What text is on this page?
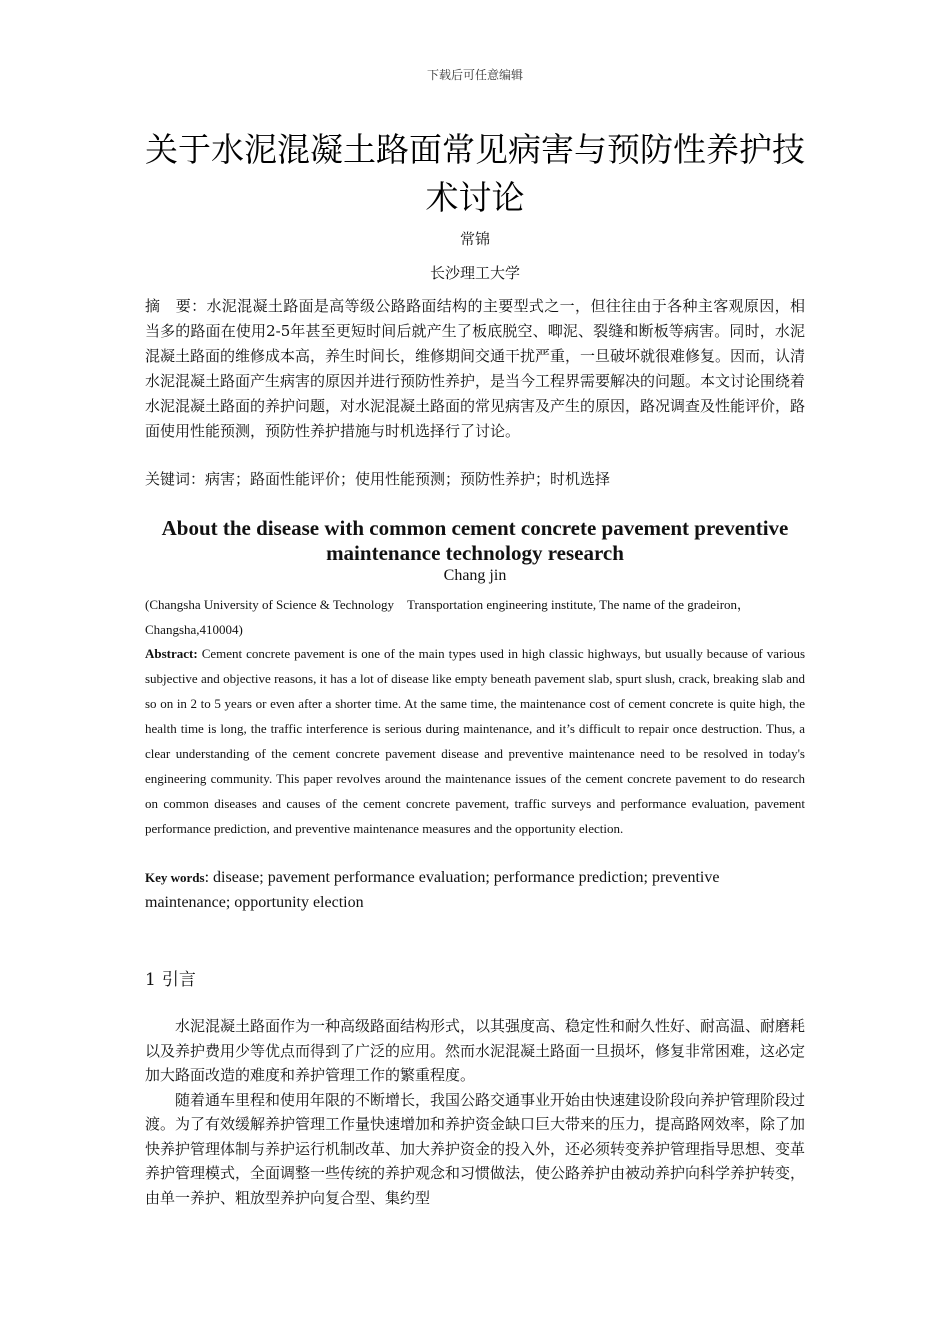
下载后可任意编辑
关于水泥混凝土路面常见病害与预防性养护技术讨论
常锦
长沙理工大学
摘　要：水泥混凝土路面是高等级公路路面结构的主要型式之一，但往往由于各种主客观原因，相当多的路面在使用2-5年甚至更短时间后就产生了板底脱空、唧泥、裂缝和断板等病害。同时，水泥混凝土路面的维修成本高，养生时间长，维修期间交通干扰严重，一旦破坏就很难修复。因而，认清水泥混凝土路面产生病害的原因并进行预防性养护，是当今工程界需要解决的问题。本文讨论围绕着水泥混凝土路面的养护问题，对水泥混凝土路面的常见病害及产生的原因，路况调查及性能评价，路面使用性能预测，预防性养护措施与时机选择行了讨论。
关键词：病害；路面性能评价；使用性能预测；预防性养护；时机选择
About the disease with common cement concrete pavement preventive maintenance technology research
Chang jin
(Changsha University of Science & Technology　Transportation engineering institute, The name of the gradeiron， Changsha,410004)
Abstract: Cement concrete pavement is one of the main types used in high classic highways, but usually because of various subjective and objective reasons, it has a lot of disease like empty beneath pavement slab, spurt slush, crack, breaking slab and so on in 2 to 5 years or even after a shorter time. At the same time, the maintenance cost of cement concrete is quite high, the health time is long, the traffic interference is serious during maintenance, and it’s difficult to repair once destruction. Thus, a clear understanding of the cement concrete pavement disease and preventive maintenance need to be resolved in today's engineering community. This paper revolves around the maintenance issues of the cement concrete pavement to do research on common diseases and causes of the cement concrete pavement, traffic surveys and performance evaluation, pavement performance prediction, and preventive maintenance measures and the opportunity election.
Key words: disease; pavement performance evaluation; performance prediction; preventive maintenance; opportunity election
1 引言

水泥混凝土路面作为一种高级路面结构形式，以其强度高、稳定性和耐久性好、耐高温、耐磨耗以及养护费用少等优点而得到了广泛的应用。然而水泥混凝土路面一旦损坏，修复非常困难，这必定加大路面改造的难度和养护管理工作的繁重程度。

随着通车里程和使用年限的不断增长，我国公路交通事业开始由快速建设阶段向养护管理阶段过渡。为了有效缓解养护管理工作量快速增加和养护资金缺口巨大带来的压力，提高路网效率，除了加快养护管理体制与养护运行机制改革、加大养护资金的投入外，还必须转变养护管理指导思想、变革养护管理模式，全面调整一些传统的养护观念和习惯做法，使公路养护由被动养护向科学养护转变，由单一养护、粗放型养护向复合型、集约型
